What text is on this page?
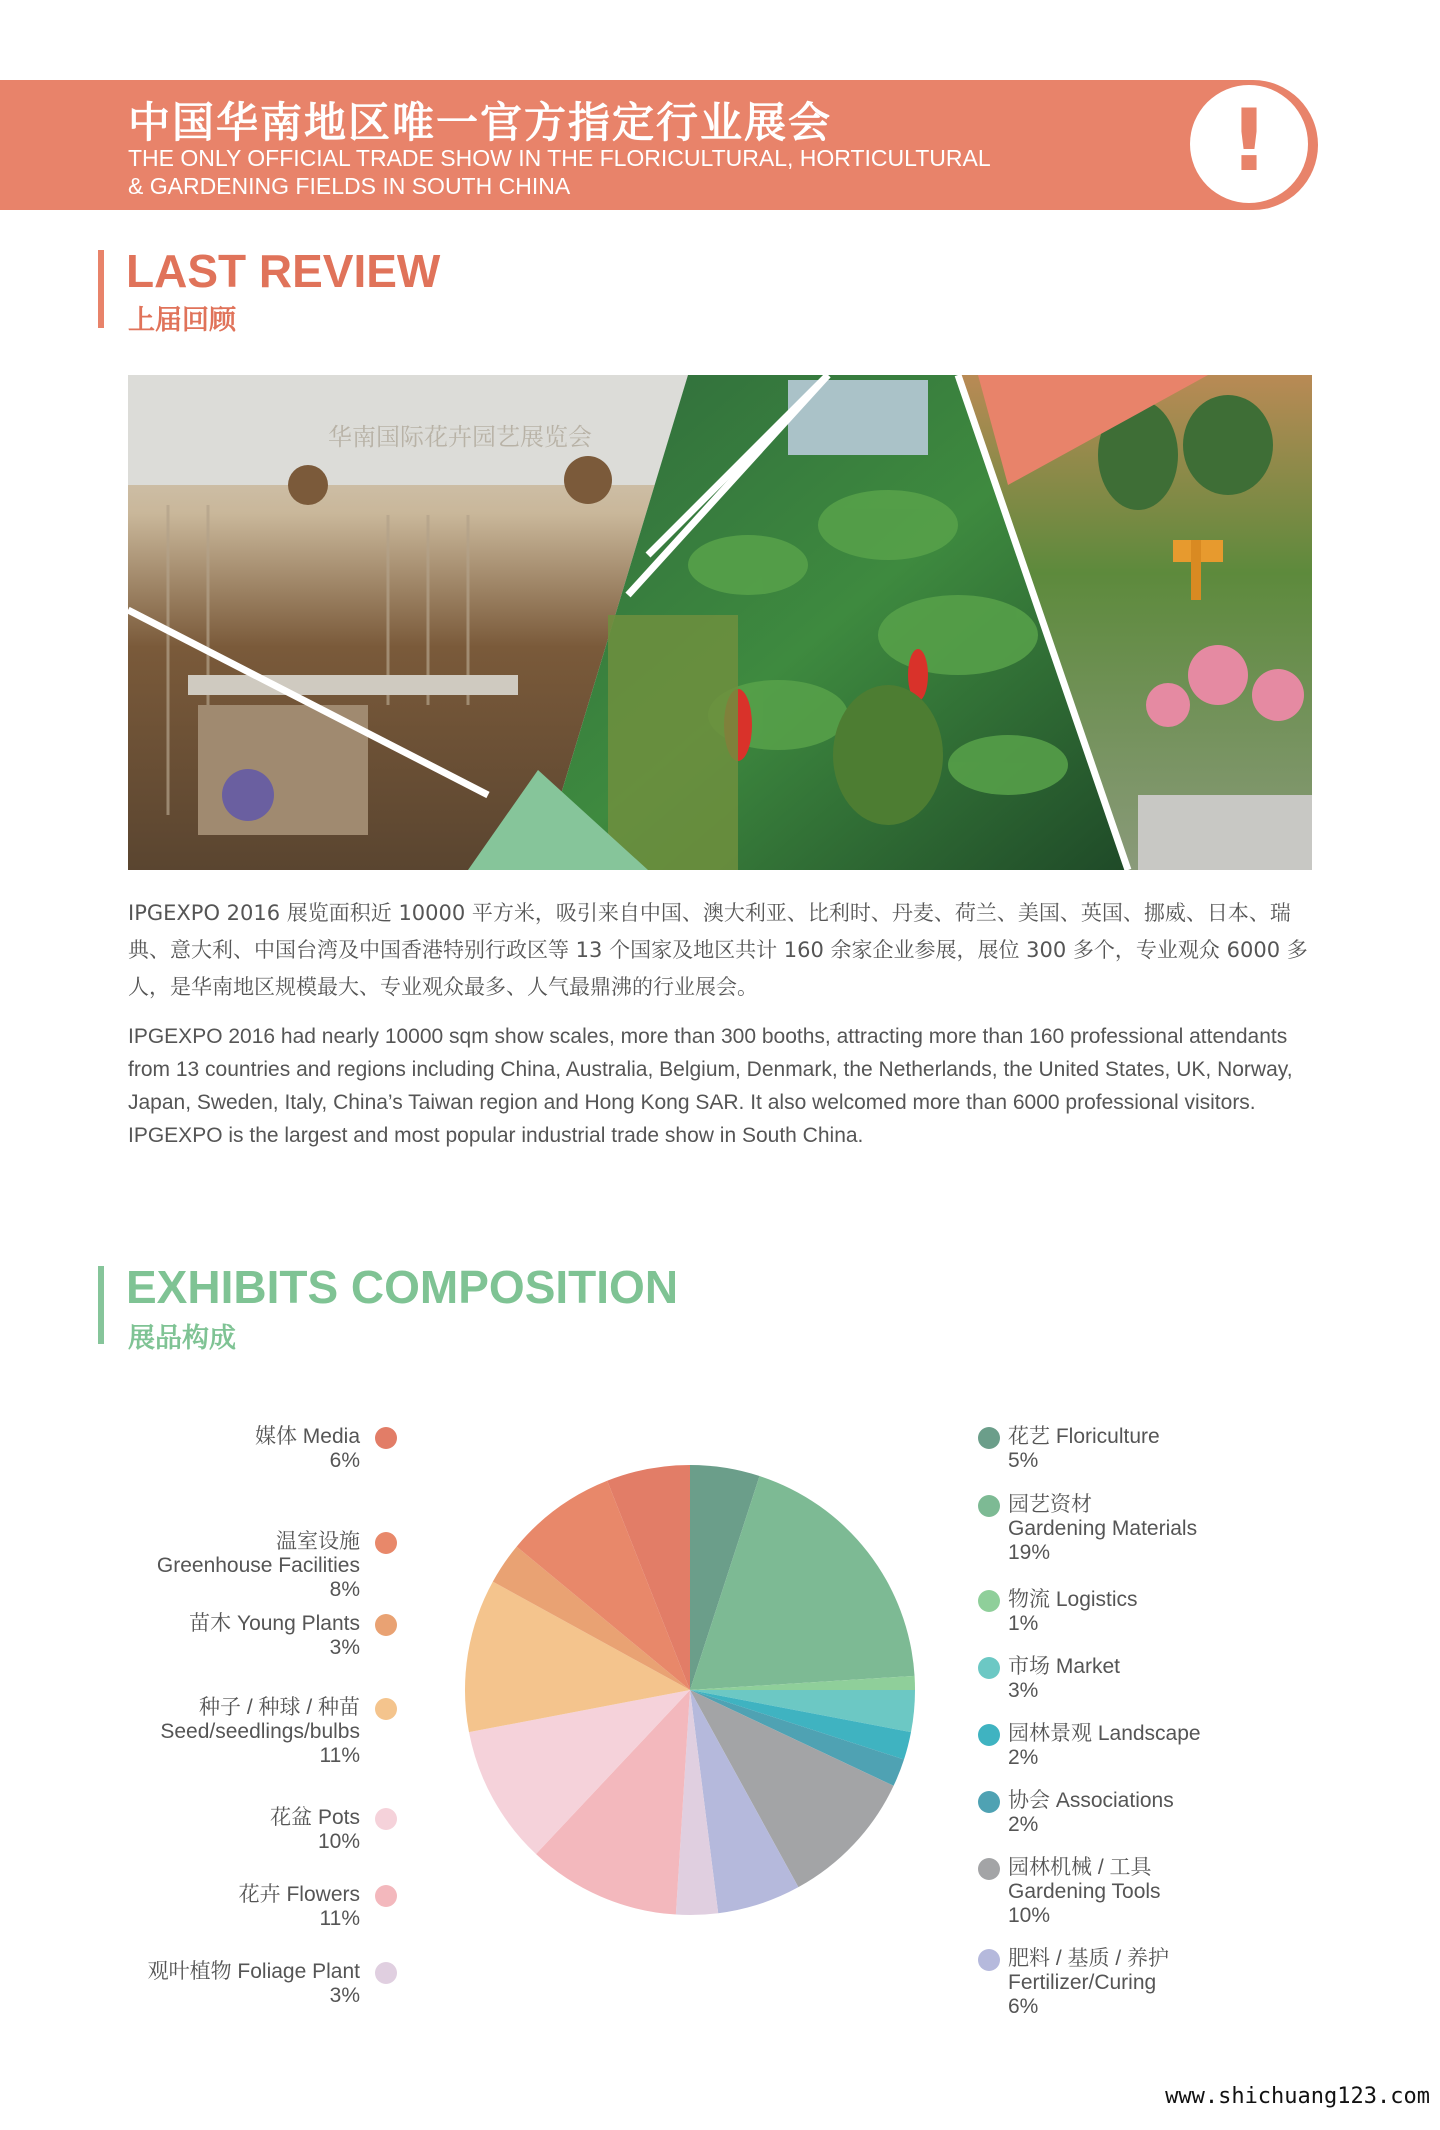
中国华南地区唯一官方指定行业展会
THE ONLY OFFICIAL TRADE SHOW IN THE FLORICULTURAL, HORTICULTURAL
& GARDENING FIELDS IN SOUTH CHINA	!
LAST REVIEW
上届回顾
华南国际花卉园艺展览会
IPGEXPO 2016 展览面积近 10000 平方米，吸引来自中国、澳大利亚、比利时、丹麦、荷兰、美国、英国、挪威、日本、瑞典、意大利、中国台湾及中国香港特别行政区等 13 个国家及地区共计 160 余家企业参展，展位 300 多个，专业观众 6000 多人，是华南地区规模最大、专业观众最多、人气最鼎沸的行业展会。
IPGEXPO 2016 had nearly 10000 sqm show scales, more than 300 booths, attracting more than 160 professional attendants from 13 countries and regions including China, Australia, Belgium, Denmark, the Netherlands, the United States, UK, Norway, Japan, Sweden, Italy, China’s Taiwan region and Hong Kong SAR. It also welcomed more than 6000 professional visitors. IPGEXPO is the largest and most popular industrial trade show in South China.
EXHIBITS COMPOSITION
展品构成
花艺 Floriculture
5%
园艺资材
Gardening Materials
19%
物流 Logistics
1%
市场 Market
3%
园林景观 Landscape
2%
协会 Associations
2%
园林机械 / 工具
Gardening Tools
10%
肥料 / 基质 / 养护
Fertilizer/Curing
6%
观叶植物 Foliage Plant
3%
花卉 Flowers
11%
花盆 Pots
10%
种子 / 种球 / 种苗
Seed/seedlings/bulbs
11%
苗木 Young Plants
3%
温室设施
Greenhouse Facilities
8%
媒体 Media
6%
www.shichuang123.com
